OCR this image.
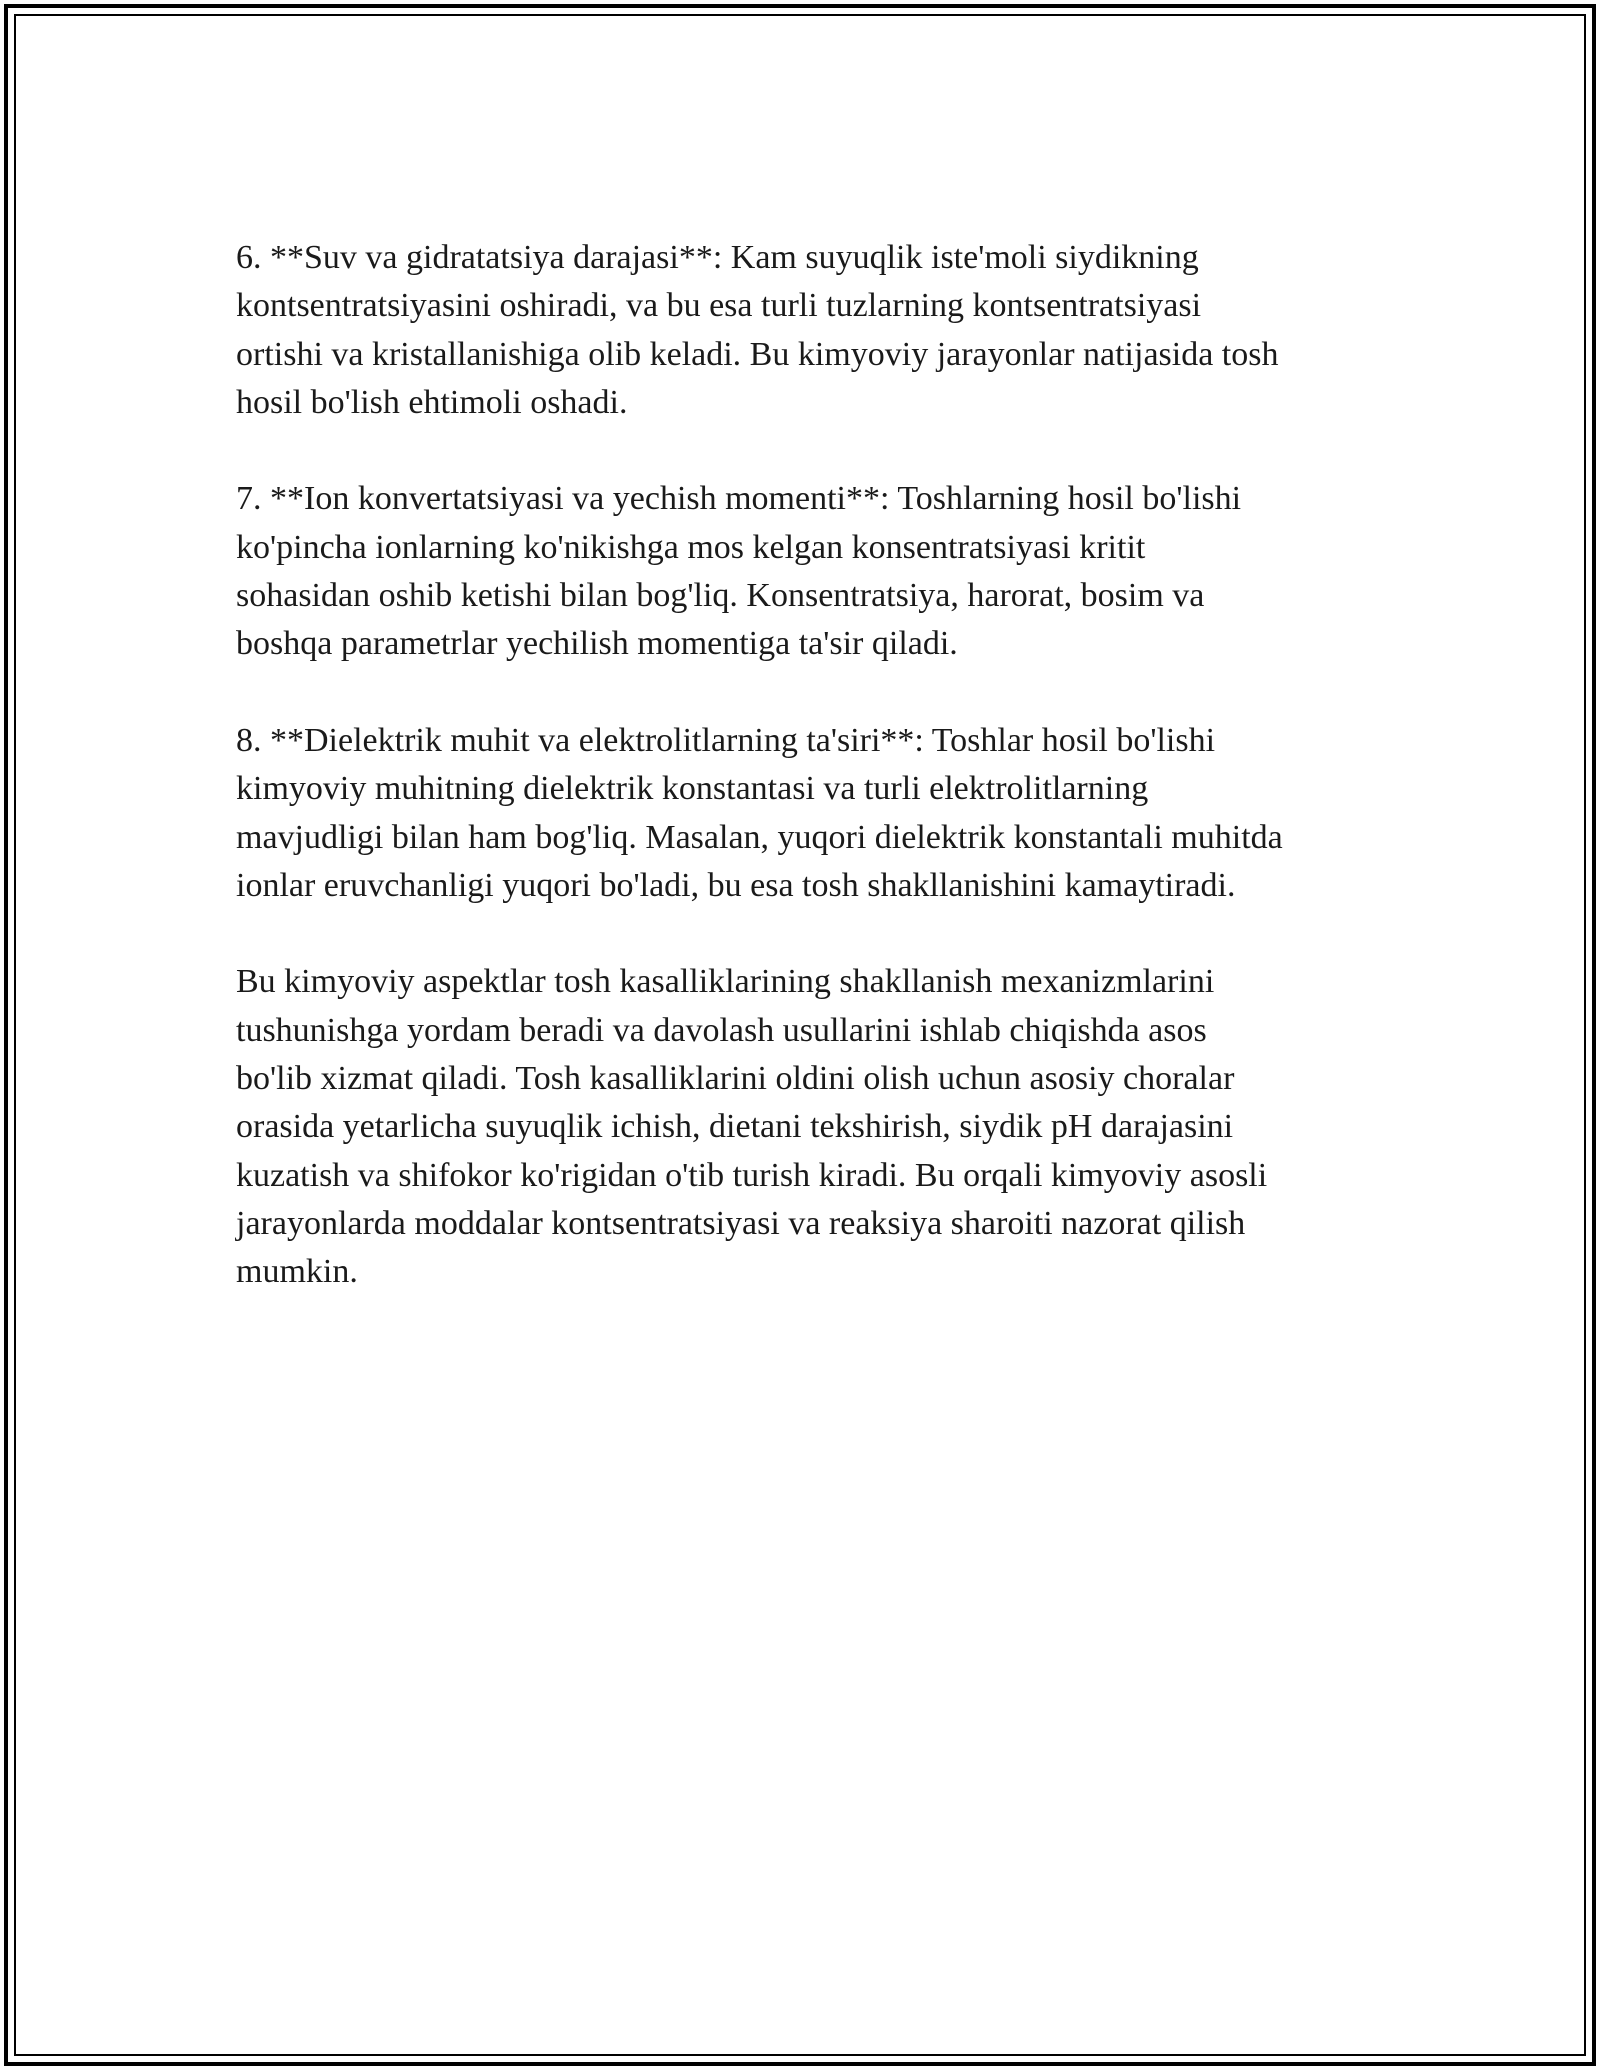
6. **Suv va gidratatsiya darajasi**: Kam suyuqlik iste'moli siydikning
kontsentratsiyasini oshiradi, va bu esa turli tuzlarning kontsentratsiyasi
ortishi va kristallanishiga olib keladi. Bu kimyoviy jarayonlar natijasida tosh
hosil bo'lish ehtimoli oshadi.

7. **Ion konvertatsiyasi va yechish momenti**: Toshlarning hosil bo'lishi
ko'pincha ionlarning ko'nikishga mos kelgan konsentratsiyasi kritit
sohasidan oshib ketishi bilan bog'liq. Konsentratsiya, harorat, bosim va
boshqa parametrlar yechilish momentiga ta'sir qiladi.

8. **Dielektrik muhit va elektrolitlarning ta'siri**: Toshlar hosil bo'lishi
kimyoviy muhitning dielektrik konstantasi va turli elektrolitlarning
mavjudligi bilan ham bog'liq. Masalan, yuqori dielektrik konstantali muhitda
ionlar eruvchanligi yuqori bo'ladi, bu esa tosh shakllanishini kamaytiradi.

Bu kimyoviy aspektlar tosh kasalliklarining shakllanish mexanizmlarini
tushunishga yordam beradi va davolash usullarini ishlab chiqishda asos
bo'lib xizmat qiladi. Tosh kasalliklarini oldini olish uchun asosiy choralar
orasida yetarlicha suyuqlik ichish, dietani tekshirish, siydik pH darajasini
kuzatish va shifokor ko'rigidan o'tib turish kiradi. Bu orqali kimyoviy asosli
jarayonlarda moddalar kontsentratsiyasi va reaksiya sharoiti nazorat qilish
mumkin.
